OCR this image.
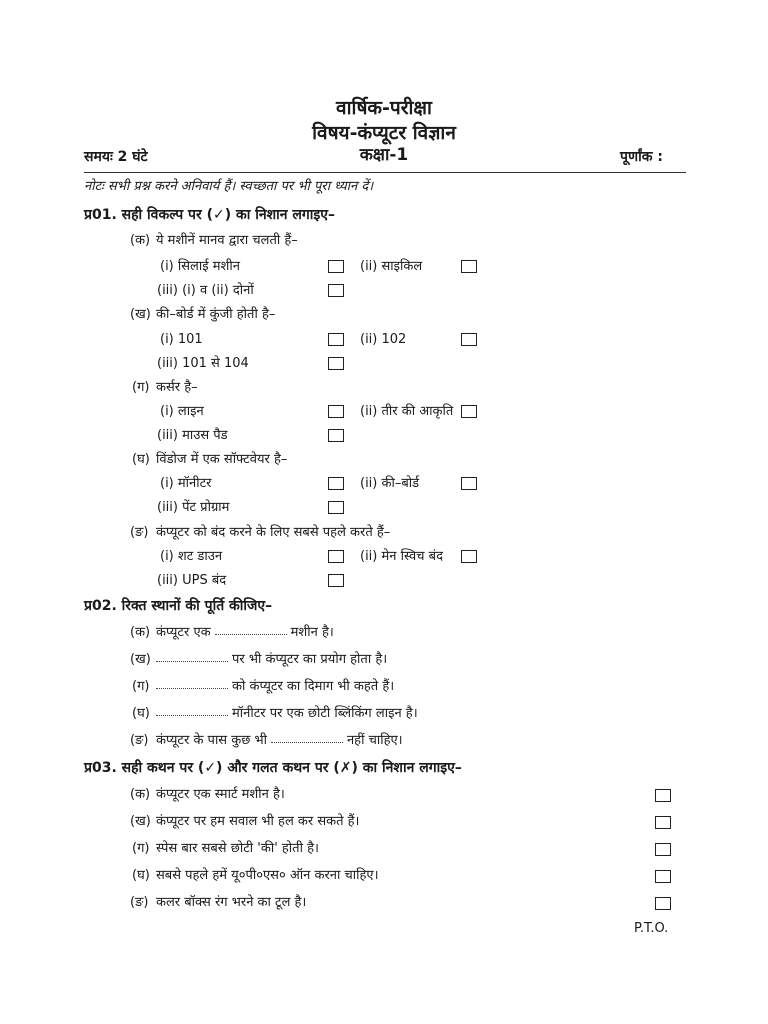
वार्षिक-परीक्षा
विषय-कंप्यूटर विज्ञान
समयः 2 घंटे	कक्षा-1	पूर्णांक :
नोटः सभी प्रश्न करने अनिवार्य हैं। स्वच्छता पर भी पूरा ध्यान दें।
प्र01. सही विकल्प पर (✓) का निशान लगाइए–
(क) ये मशीनें मानव द्वारा चलती हैं–
(i) सिलाई मशीन	(ii) साइकिल
(iii) (i) व (ii) दोनों
(ख) की–बोर्ड में कुंजी होती है–
(i) 101	(ii) 102
(iii) 101 से 104
(ग) कर्सर है–
(i) लाइन	(ii) तीर की आकृति
(iii) माउस पैड
(घ) विंडोज में एक सॉफ्टवेयर है–
(i) मॉनीटर	(ii) की–बोर्ड
(iii) पेंट प्रोग्राम
(ङ) कंप्यूटर को बंद करने के लिए सबसे पहले करते हैं–
(i) शट डाउन	(ii) मेन स्विच बंद
(iii) UPS बंद
प्र02. रिक्त स्थानों की पूर्ति कीजिए–
(क) कंप्यूटर एक	मशीन है।
(ख)	पर भी कंप्यूटर का प्रयोग होता है।
(ग)	को कंप्यूटर का दिमाग भी कहते हैं।
(घ)	मॉनीटर पर एक छोटी ब्लिंकिंग लाइन है।
(ङ) कंप्यूटर के पास कुछ भी	नहीं चाहिए।
प्र03. सही कथन पर (✓) और गलत कथन पर (✗) का निशान लगाइए–
(क) कंप्यूटर एक स्मार्ट मशीन है।
(ख) कंप्यूटर पर हम सवाल भी हल कर सकते हैं।
(ग) स्पेस बार सबसे छोटी 'की' होती है।
(घ) सबसे पहले हमें यू०पी०एस० ऑन करना चाहिए।
(ङ) कलर बॉक्स रंग भरने का टूल है।
P.T.O.
